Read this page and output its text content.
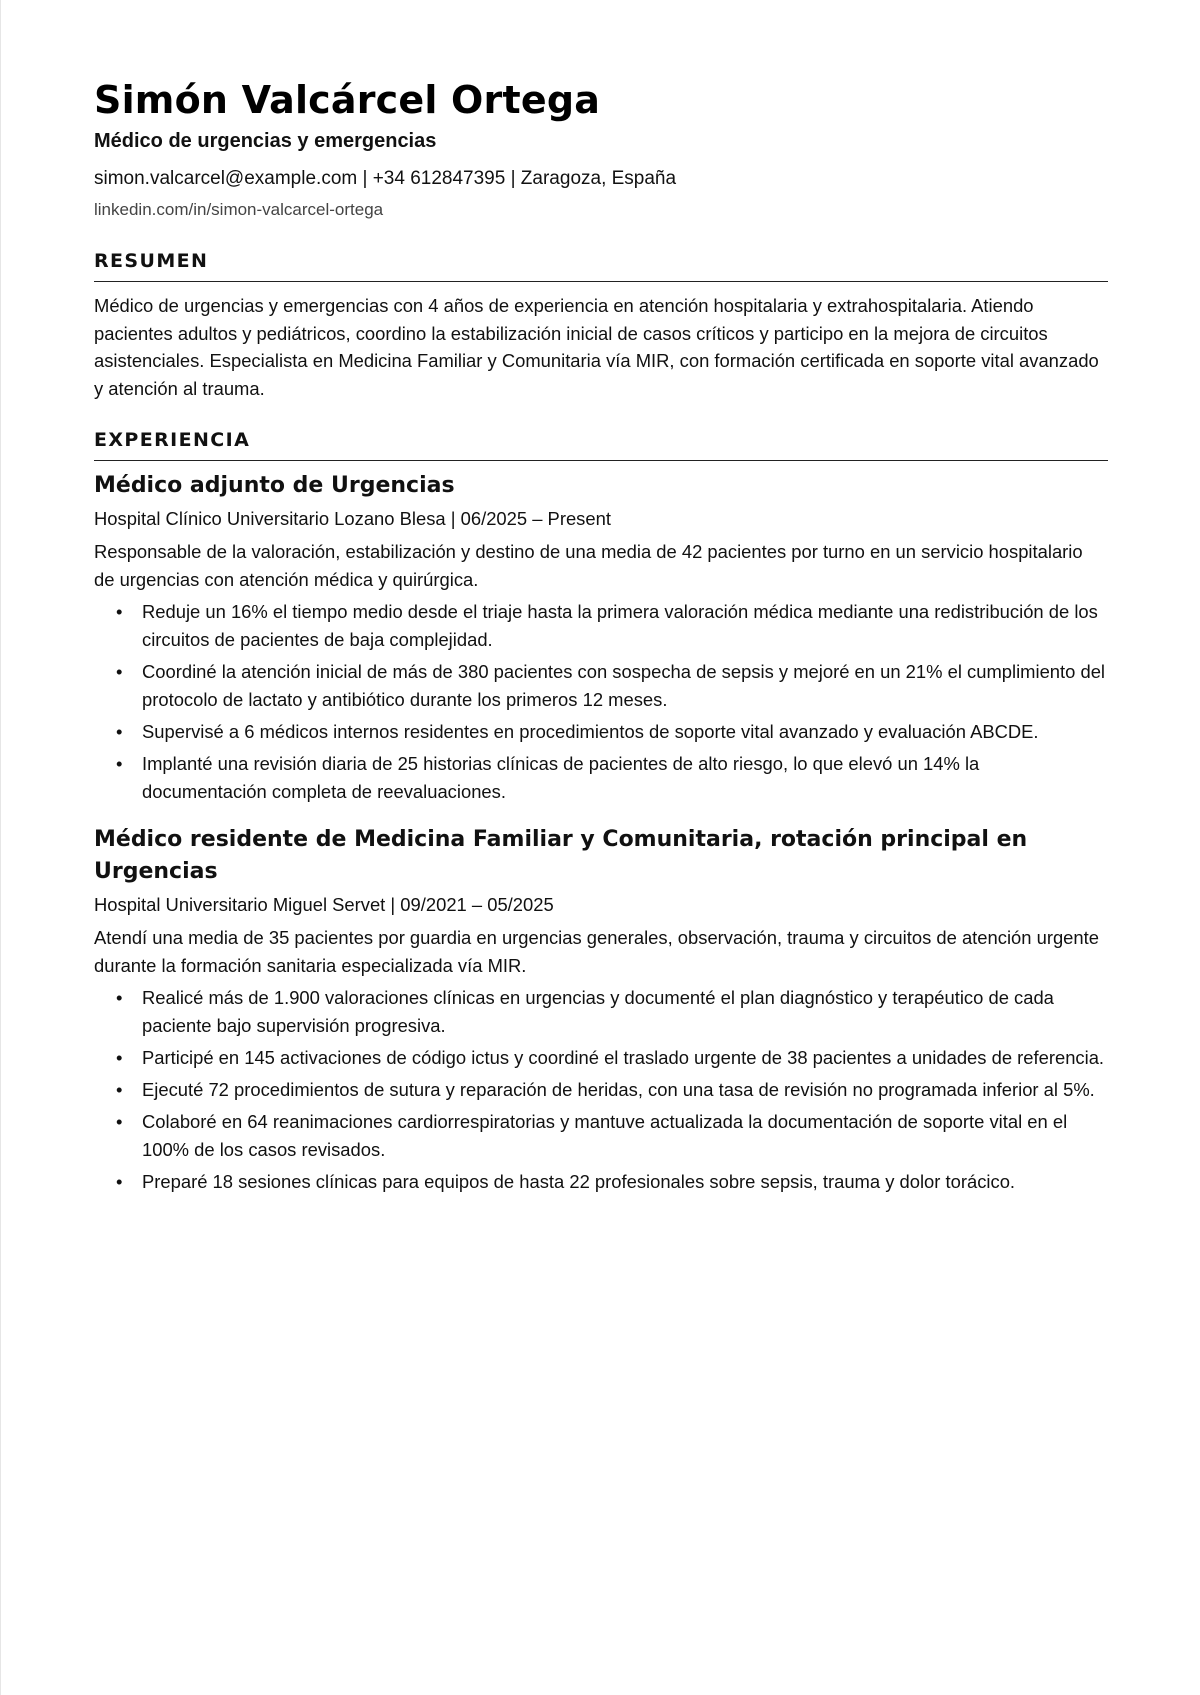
Simón Valcárcel Ortega
Médico de urgencias y emergencias
simon.valcarcel@example.com | +34 612847395 | Zaragoza, España
linkedin.com/in/simon-valcarcel-ortega
RESUMEN

Médico de urgencias y emergencias con 4 años de experiencia en atención hospitalaria y extrahospitalaria. Atiendo pacientes adultos y pediátricos, coordino la estabilización inicial de casos críticos y participo en la mejora de circuitos asistenciales. Especialista en Medicina Familiar y Comunitaria vía MIR, con formación certificada en soporte vital avanzado y atención al trauma.

EXPERIENCIA
Médico adjunto de Urgencias
Hospital Clínico Universitario Lozano Blesa | 06/2025 – Present

Responsable de la valoración, estabilización y destino de una media de 42 pacientes por turno en un servicio hospitalario de urgencias con atención médica y quirúrgica.

• Reduje un 16% el tiempo medio desde el triaje hasta la primera valoración médica mediante una redistribución de los circuitos de pacientes de baja complejidad.
• Coordiné la atención inicial de más de 380 pacientes con sospecha de sepsis y mejoré en un 21% el cumplimiento del protocolo de lactato y antibiótico durante los primeros 12 meses.
• Supervisé a 6 médicos internos residentes en procedimientos de soporte vital avanzado y evaluación ABCDE.
• Implanté una revisión diaria de 25 historias clínicas de pacientes de alto riesgo, lo que elevó un 14% la documentación completa de reevaluaciones.
Médico residente de Medicina Familiar y Comunitaria, rotación principal en Urgencias
Hospital Universitario Miguel Servet | 09/2021 – 05/2025

Atendí una media de 35 pacientes por guardia en urgencias generales, observación, trauma y circuitos de atención urgente durante la formación sanitaria especializada vía MIR.

• Realicé más de 1.900 valoraciones clínicas en urgencias y documenté el plan diagnóstico y terapéutico de cada paciente bajo supervisión progresiva.
• Participé en 145 activaciones de código ictus y coordiné el traslado urgente de 38 pacientes a unidades de referencia.
• Ejecuté 72 procedimientos de sutura y reparación de heridas, con una tasa de revisión no programada inferior al 5%.
• Colaboré en 64 reanimaciones cardiorrespiratorias y mantuve actualizada la documentación de soporte vital en el 100% de los casos revisados.
• Preparé 18 sesiones clínicas para equipos de hasta 22 profesionales sobre sepsis, trauma y dolor torácico.
